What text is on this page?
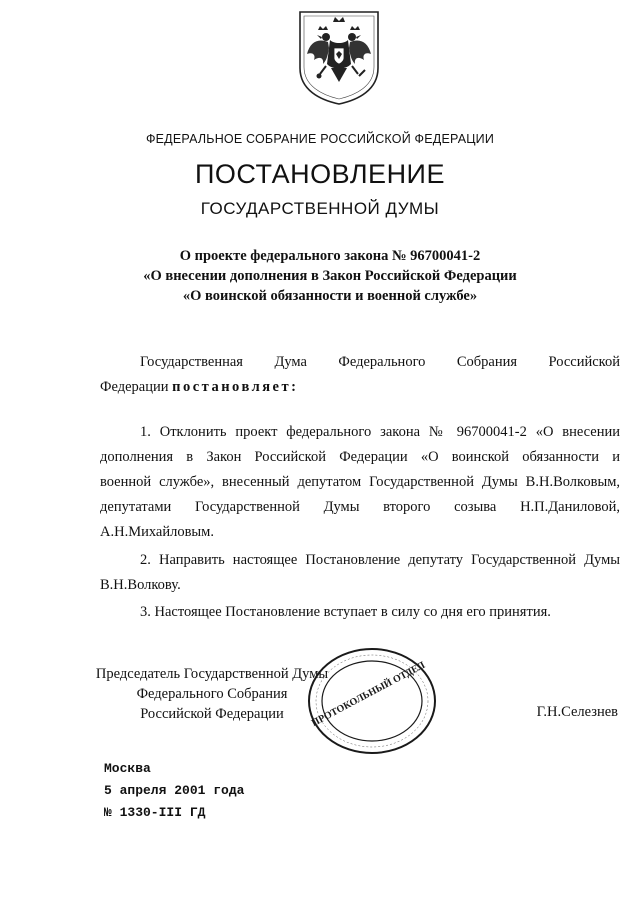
ФЕДЕРАЛЬНОЕ СОБРАНИЕ РОССИЙСКОЙ ФЕДЕРАЦИИ
ПОСТАНОВЛЕНИЕ
ГОСУДАРСТВЕННОЙ ДУМЫ
О проекте федерального закона № 96700041-2
«О внесении дополнения в Закон Российской Федерации
«О воинской обязанности и военной службе»
Государственная Дума Федерального Собрания Российской
Федерации постановляет:
1. Отклонить проект федерального закона № 96700041-2 «О внесении
дополнения в Закон Российской Федерации «О воинской обязанности и
военной службе», внесенный депутатом Государственной Думы В.Н.Волковым,
депутатами Государственной Думы второго созыва Н.П.Даниловой,
А.Н.Михайловым.
2. Направить настоящее Постановление депутату Государственной Думы
В.Н.Волкову.
3. Настоящее Постановление вступает в силу со дня его принятия.
Председатель Государственной Думы
Федерального Собрания
Российской Федерации	ПРОТОКОЛЬНЫЙ ОТДЕЛ	Г.Н.Селезнев
Москва
5 апреля 2001 года
№ 1330-III ГД
